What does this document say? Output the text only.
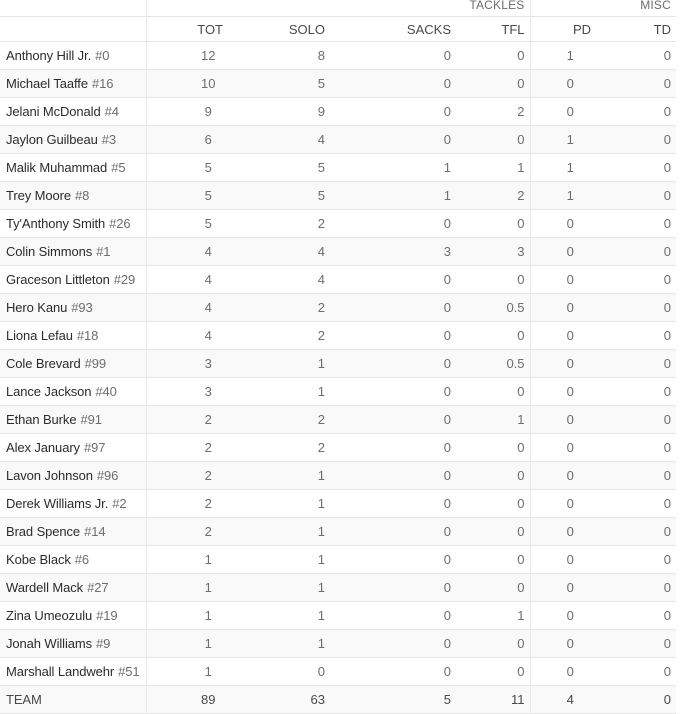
	TACKLES				MISC	
	TOT	SOLO	SACKS	TFL	PD	TD
Anthony Hill Jr. #0	12	8	0	0	1	0
Michael Taaffe #16	10	5	0	0	0	0
Jelani McDonald #4	9	9	0	2	0	0
Jaylon Guilbeau #3	6	4	0	0	1	0
Malik Muhammad #5	5	5	1	1	1	0
Trey Moore #8	5	5	1	2	1	0
Ty'Anthony Smith #26	5	2	0	0	0	0
Colin Simmons #1	4	4	3	3	0	0
Graceson Littleton #29	4	4	0	0	0	0
Hero Kanu #93	4	2	0	0.5	0	0
Liona Lefau #18	4	2	0	0	0	0
Cole Brevard #99	3	1	0	0.5	0	0
Lance Jackson #40	3	1	0	0	0	0
Ethan Burke #91	2	2	0	1	0	0
Alex January #97	2	2	0	0	0	0
Lavon Johnson #96	2	1	0	0	0	0
Derek Williams Jr. #2	2	1	0	0	0	0
Brad Spence #14	2	1	0	0	0	0
Kobe Black #6	1	1	0	0	0	0
Wardell Mack #27	1	1	0	0	0	0
Zina Umeozulu #19	1	1	0	1	0	0
Jonah Williams #9	1	1	0	0	0	0
Marshall Landwehr #51	1	0	0	0	0	0
TEAM	89	63	5	11	4	0
